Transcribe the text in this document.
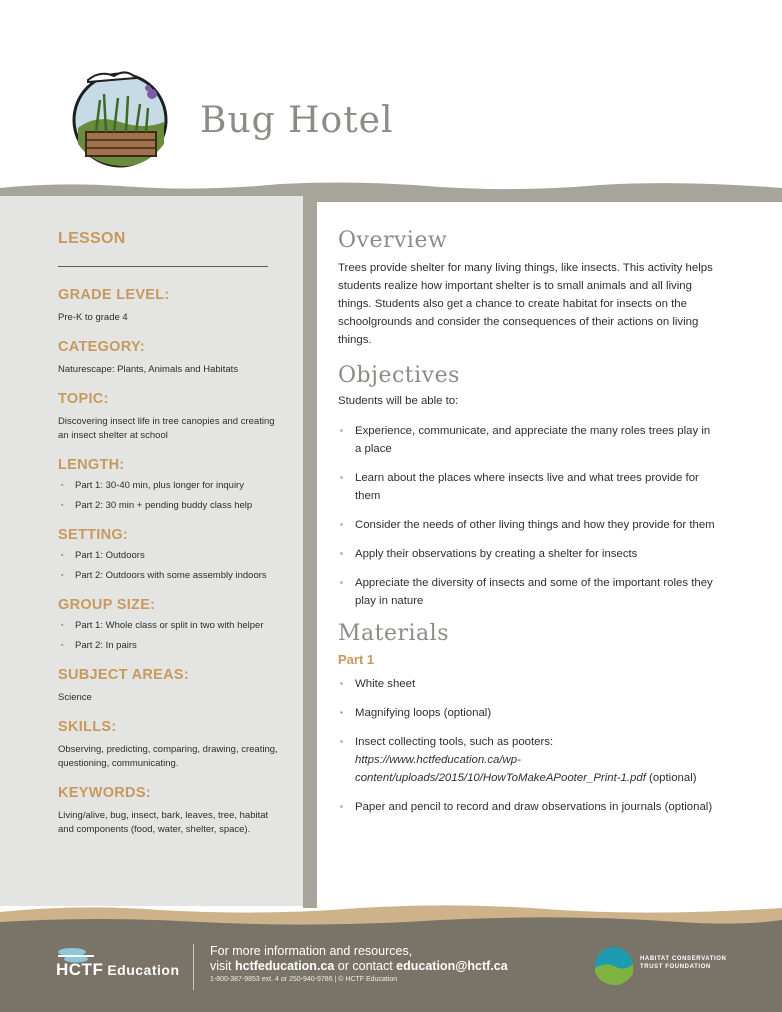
Bug Hotel
LESSON
GRADE LEVEL:
Pre-K to grade 4
CATEGORY:
Naturescape: Plants, Animals and Habitats
TOPIC:
Discovering insect life in tree canopies and creating an insect shelter at school
LENGTH:
▪ Part 1: 30-40 min, plus longer for inquiry
▪ Part 2: 30 min + pending buddy class help
SETTING:
▪ Part 1: Outdoors
▪ Part 2: Outdoors with some assembly indoors
GROUP SIZE:
▪ Part 1: Whole class or split in two with helper
▪ Part 2: In pairs
SUBJECT AREAS:
Science
SKILLS:
Observing, predicting, comparing, drawing, creating, questioning, communicating.
KEYWORDS:
Living/alive, bug, insect, bark, leaves, tree, habitat and components (food, water, shelter, space).
Overview
Trees provide shelter for many living things, like insects. This activity helps students realize how important shelter is to small animals and all living things. Students also get a chance to create habitat for insects on the schoolgrounds and consider the consequences of their actions on living things.
Objectives
Students will be able to:
▪ Experience, communicate, and appreciate the many roles trees play in a place
▪ Learn about the places where insects live and what trees provide for them
▪ Consider the needs of other living things and how they provide for them
▪ Apply their observations by creating a shelter for insects
▪ Appreciate the diversity of insects and some of the important roles they play in nature
Materials
Part 1
▪ White sheet
▪ Magnifying loops (optional)
▪ Insect collecting tools, such as pooters:
https://www.hctfeducation.ca/wp-content/uploads/2015/10/HowToMakeAPooter_Print-1.pdf (optional)
▪ Paper and pencil to record and draw observations in journals (optional)
HCTF Education
For more information and resources,
visit hctfeducation.ca or contact education@hctf.ca
1-800-387-9853 ext. 4 or 250-940-9786 | © HCTF Education
HABITAT CONSERVATION
TRUST FOUNDATION
